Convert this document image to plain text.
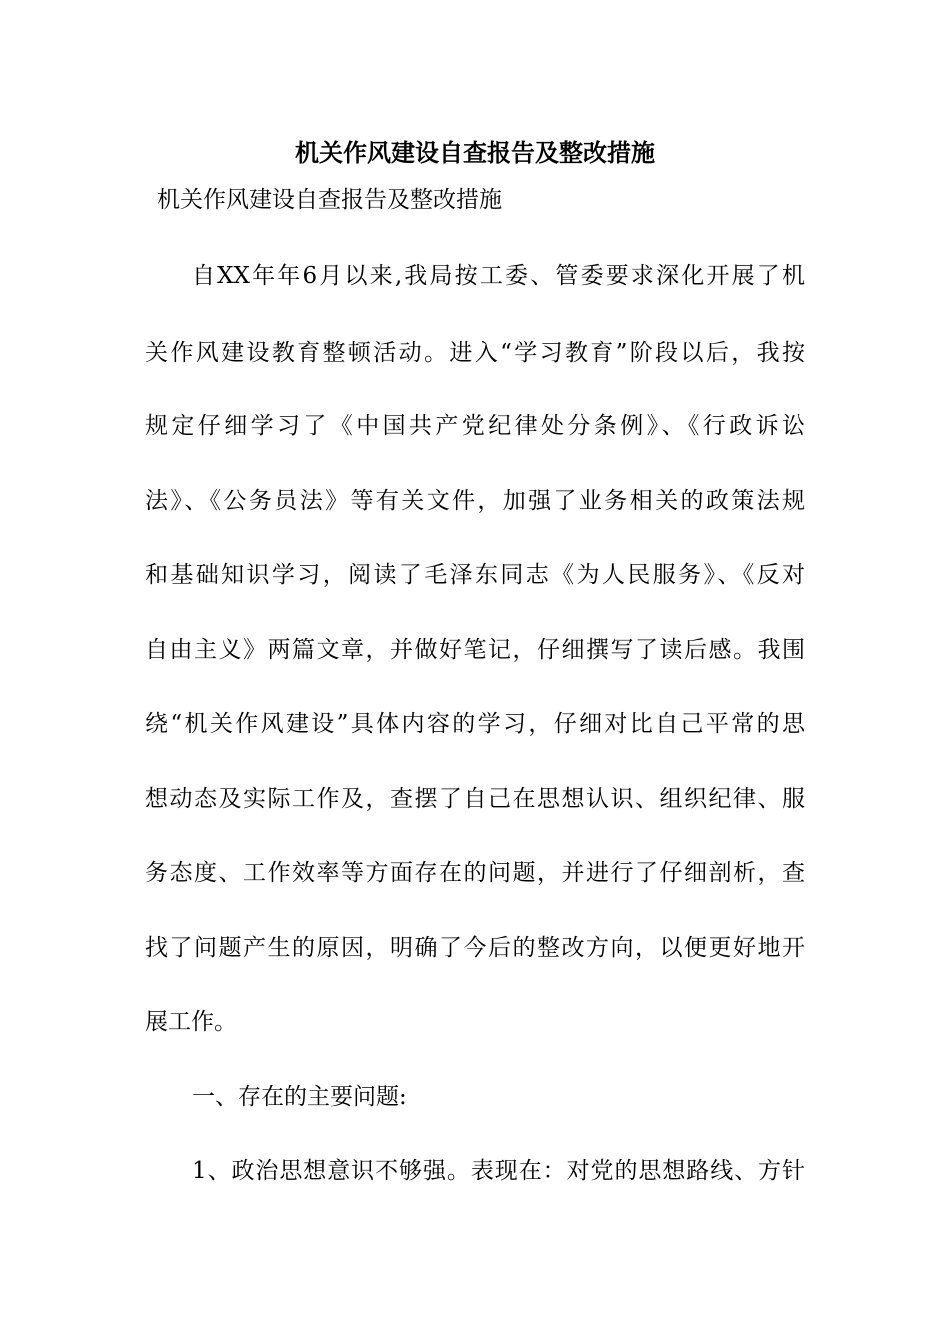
机关作风建设自查报告及整改措施
机关作风建设自查报告及整改措施
自XX年年6月以来,我局按工委、管委要求深化开展了机
关作风建设教育整顿活动。进入“学习教育”阶段以后，我按
规定仔细学习了《中国共产党纪律处分条例》、《行政诉讼
法》、《公务员法》等有关文件，加强了业务相关的政策法规
和基础知识学习，阅读了毛泽东同志《为人民服务》、《反对
自由主义》两篇文章，并做好笔记，仔细撰写了读后感。我围
绕“机关作风建设”具体内容的学习，仔细对比自己平常的思
想动态及实际工作及，查摆了自己在思想认识、组织纪律、服
务态度、工作效率等方面存在的问题，并进行了仔细剖析，查
找了问题产生的原因，明确了今后的整改方向，以便更好地开
展工作。
一、存在的主要问题:
1、政治思想意识不够强。表现在：对党的思想路线、方针
